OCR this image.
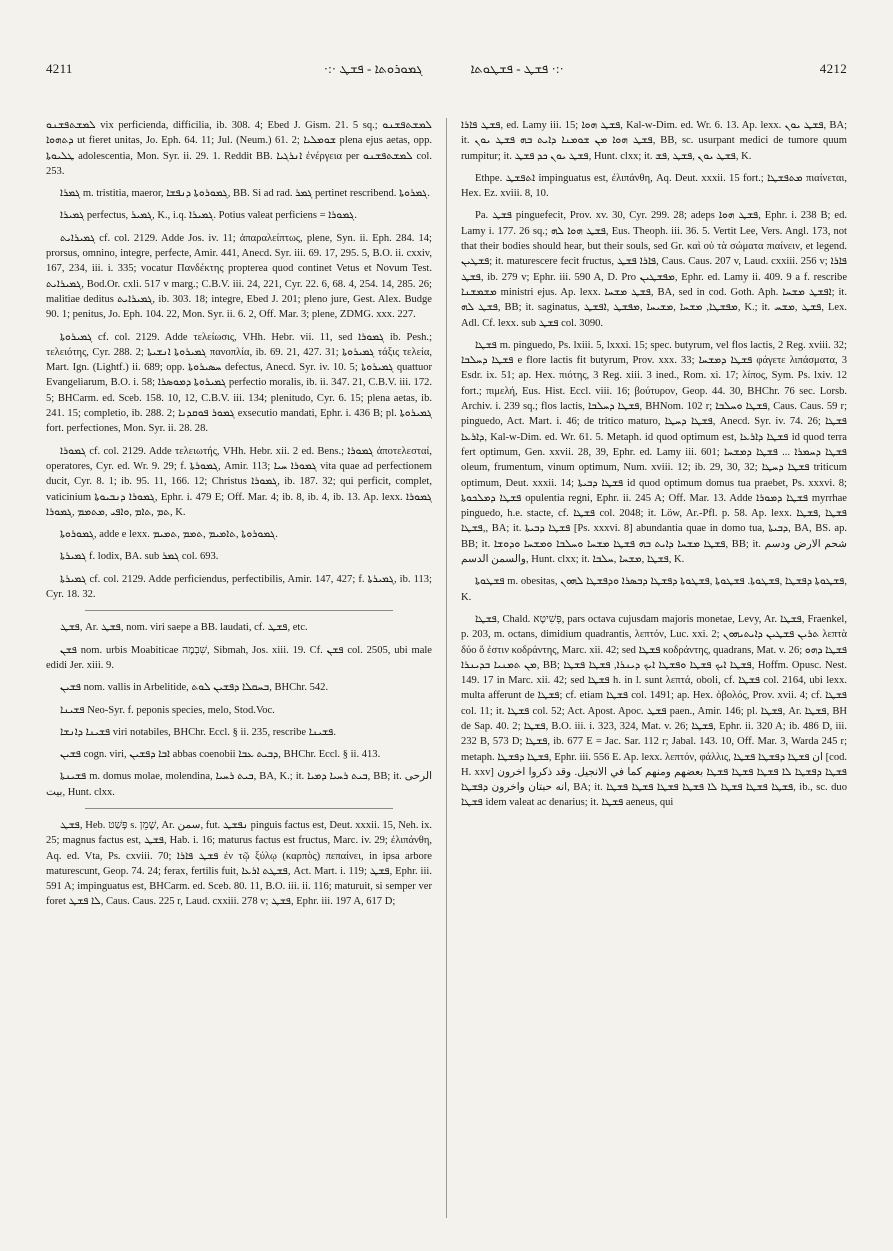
4211	ܓܡܘܪܘܬܐ - ܦܫܛ ·:·	·:· ܦܫܛ - ܦܫܛܘܬܐ	4212

ܠܡܫܬܦܫܢܘ vix perficienda, difficilia, ib. 308. 4; Ebed J. Gism. 21. 5 sq.; ܠܡܫܬܦܫܢܘ ܕܬܗܘܐ ut fieret unitas, Jo. Eph. 64. 11; Jul. (Neum.) 61. 2; ܫܘܡܠܝܐ plena ejus aetas, opp. ܛܠܝܘܬܐ adolescentia, Mon. Syr. ii. 29. 1. Reddit BB. ܐܢܪܓܝܐ ἐνέργεια per ܠܡܫܬܦܫܢܘ col. 253.

ܓܡܪܐ m. tristitia, maeror, ܓܡܘܪܘܬܐ ܕܢܦܫܐ, BB. Si ad rad. ܓܡܪ pertinet rescribend. ܓܡܪܘܬܐ.

ܓܡܝܪܐ perfectus, ܓܡܝܪ, K., i.q. ܓܡܝܪܐ. Potius valeat perficiens = ܓܡܘܪܐ.

ܓܡܝܪܐܝܬ cf. col. 2129. Adde Jos. iv. 11; ἀπαραλείπτως, plene, Syn. ii. Eph. 284. 14; prorsus, omnino, integre, perfecte, Amir. 441, Anecd. Syr. iii. 69. 17, 295. 5, B.O. ii. cxxiv, 167, 234, iii. i. 335; vocatur Πανδέκτης propterea quod continet Vetus et Novum Test. ܓܡܝܪܐܝܬ, Bod.Or. cxli. 517 v marg.; C.B.V. iii. 24, 221, Cyr. 22. 6, 68. 4, 254. 14, 285. 26; malitiae deditus ܓܡܝܪܐܝܬ, ib. 303. 18; integre, Ebed J. 201; pleno jure, Gest. Alex. Budge 90. 1; penitus, Jo. Eph. 104. 22, Mon. Syr. ii. 6. 2, Off. Mar. 3; plene, ZDMG. xxx. 227.

ܓܡܝܪܘܬܐ cf. col. 2129. Adde τελείωσις, VHh. Hebr. vii. 11, sed ܓܡܘܪܐ ib. Pesh.; τελειότης, Cyr. 288. 2; ܓܡܝܪܘܬܐ ܐܢܫܝܬܐ πανοπλία, ib. 69. 21, 427. 31; ܓܡܝܪܘܬܐ τάξις τελεία, Mart. Ign. (Lightf.) ii. 689; opp. ܚܣܝܪܘܬܐ defectus, Anecd. Syr. iv. 10. 5; ܓܡܝܪܘܬܐ quattuor Evangeliarum, B.O. i. 58; ܓܡܝܪܘܬܐ ܕܡܘܣܪܐ perfectio moralis, ib. ii. 347. 21, C.B.V. iii. 172. 5; BHCarm. ed. Sceb. 158. 10, 12, C.B.V. iii. 134; plenitudo, Cyr. 6. 15; plena aetas, ib. 241. 15; completio, ib. 288. 2; ܓܡܘܪ ܦܘܩܕܢܐ exsecutio mandati, Ephr. i. 436 B; pl. ܓܡܝܪܘܬܐ fort. perfectiones, Mon. Syr. ii. 28. 28.

ܓܡܘܪܐ cf. col. 2129. Adde τελειωτής, VHh. Hebr. xii. 2 ed. Bens.; ܓܡܘܪܐ ἀποτελεσταί, operatores, Cyr. ed. Wr. 9. 29; f. ܓܡܘܪܬܐ, Amir. 113; ܓܡܘܪܐ ܚܝܐ vita quae ad perfectionem ducit, Cyr. 8. 1; ib. 95. 11, 166. 12; Christus ܓܡܘܪܐ, ib. 187. 32; qui perficit, complet, vaticinium ܓܡܘܪܐ ܕܢܒܝܘܬܐ, Ephr. i. 479 E; Off. Mar. 4; ib. 8, ib. 4, ib. 13. Ap. lexx. ܓܡܘܪܐ ,ܬܡ ,ܬܐܡ ,ܘܐܦܝ ,ܡܬܡܡ ,ܓܡܘܪܐ K.

ܓܡܘܪܘܬܐ, adde e lexx. ܓܡܘܪܘܬܐ ,ܬܐܡܝܡ ,ܬܡܡ ,ܬܡܝܡ.

ܓܡܝܪܬܐ f. lodix, BA. sub ܓܡܪ col. 693.

ܓܡܝܪܬܐ cf. col. 2129. Adde perficiendus, perfectibilis, Amir. 147, 427; f. ܓܡܝܪܬܐ, ib. 113; Cyr. 18. 32.

ܦܫܛ, Ar. ܦܫܛ, nom. viri saepe a BB. laudati, cf. ܦܫܛ, etc.

ܦܫܢ nom. urbis Moabiticae שִׁבְמָה, Sibmah, Jos. xiii. 19. Cf. ܦܫܢ col. 2505, ubi male edidi Jer. xiii. 9.

ܦܫܝܢ nom. vallis in Arbelitide, ܒܚܩܠܐ ܕܦܫܝܢ ܠܘܬ, BHChr. 542.

ܦܫܝܢܐ Neo-Syr. f. peponis species, melo, Stod.Voc.

ܦܫܝܢܐ ܕܐܢܫܐ viri notabiles, BHChr. Eccl. § ii. 235, rescribe ܦܫܝܢܐ.

ܦܫܝܢ cogn. viri, ܐܒܐ ܕܦܫܝܢ abbas coenobii ܕܒܝܬ ܥܒܐ, BHChr. Eccl. § ii. 413.

ܦܫܝܢܬܐ m. domus molae, molendina, ܒܝܬ ܪܚܝܐ, BA, K.; it. ܒܝܬ ܪܚܝܐ ܕܡܝܐ, BB; it. الرحى بيت, Hunt. clxx.

ܦܫܛ, Heb. פָּשַׁט s. שָׁמֵן, Ar. سمن, fut. ܢܦܫܛ pinguis factus est, Deut. xxxii. 15, Neh. ix. 25; magnus factus est, ܦܫܛ, Hab. i. 16; maturus factus est fructus, Marc. iv. 29; ἐλιπάνθη, Aq. ed. Vta, Ps. cxviii. 70; ܦܫܛ ܦܐܪܐ ἐν τῷ ξύλῳ (καρπὸς) πεπαίνει, in ipsa arbore maturescunt, Geop. 74. 24; ferax, fertilis fuit, ܦܫܛܬ ܐܪܥܐ, Act. Mart. i. 119; ܦܫܛ, Ephr. iii. 591 A; impinguatus est, BHCarm. ed. Sceb. 80. 11, B.O. iii. ii. 116; maturuit, si semper ver foret ܠܐ ܦܫܛ, Caus. Caus. 225 r, Laud. cxxiii. 278 v; ܦܫܛ, Ephr. iii. 197 A, 617 D;

ܦܫܛ ܦܐܪܐ, ed. Lamy iii. 15; ܦܫܛ ܗܘܐ, Kal-w-Dim. ed. Wr. 6. 13. Ap. lexx. ܦܫܛ ܝܘܢ, BA; it. ܦܫܛ ܗܘܐ ܡܢ ܫܘܡܢܐ ܕܐܝܬ ܒܗ ܦܫܛ ܝܘܢ, BB, sc. usurpant medici de tumore quum rumpitur; it. ܦܫܛ ܝܘܢ ܟܕ ܦܫܛ, Hunt. clxx; it. ܦܫܛ ܝܘܢ ,ܦܫܛ ,ܦܫ, K.

Ethpe. ܐܬܦܫܛ impinguatus est, ἐλιπάνθη, Aq. Deut. xxxii. 15 fort.; ܡܬܦܫܛܐ πιαίνεται, Hex. Ez. xviii. 8, 10.

Pa. ܦܫܛ pinguefecit, Prov. xv. 30, Cyr. 299. 28; adeps ܦܫܛ ܗܘܐ, Ephr. i. 238 B; ed. Lamy i. 177. 26 sq.; ܦܫܛ ܗܘܐ ܠܗ, Eus. Theoph. iii. 36. 5. Vertit Lee, Vers. Angl. 173, not that their bodies should hear, but their souls, sed Gr. καὶ οὐ τὰ σώματα πιαίνειν, et legend. ܦܫܛܝܢ; it. maturescere fecit fructus, ܦܐܪܐ ܦܫܛ, Caus. Caus. 207 v, Laud. cxxiii. 256 v; ܦܐܪܐ ܦܫܛ, ib. 279 v; Ephr. iii. 590 A, D. Pro ܡܦܫܛܝܢ, Ephr. ed. Lamy ii. 409. 9 a f. rescribe ܡܫܡܫܢܐ ministri ejus. Ap. lexx. ܦܫܛ ܡܫܚܐ, BA, sed in cod. Goth. Aph. ܐܦܫܛ ܡܫܚܐ; it. ܦܫܛ ܠܗ, BB; it. saginatus, ܡܦܫܛܐ, ܡܫܚܐ ,ܡܫܝܚܐ ,ܡܦܫܛ ,ܐܦܫܛ, K.; it. ܦܫܛ ,ܡܫܚ, Lex. Adl. Cf. lexx. sub ܦܫܛ col. 3090.

ܦܫܛܐ m. pinguedo, Ps. lxiii. 5, lxxxi. 15; spec. butyrum, vel flos lactis, 2 Reg. xviii. 32; ܦܫܛܐ ܕܚܠܒܐ e flore lactis fit butyrum, Prov. xxx. 33; ܦܫܛܐ ܕܡܫܚܐ φάγετε λιπάσματα, 3 Esdr. ix. 51; ap. Hex. πιότης, 3 Reg. xiii. 3 ined., Rom. xi. 17; λίπος, Sym. Ps. lxiv. 12 fort.; πιμελή, Eus. Hist. Eccl. viii. 16; βούτυρον, Geop. 44. 30, BHChr. 76 sec. Lorsb. Archiv. i. 239 sq.; flos lactis, ܦܫܛܐ ܕܚܠܒܐ, BHNom. 102 r; ܦܫܛܐ ܘܚܠܒܐ, Caus. Caus. 59 r; pinguedo, Act. Mart. i. 46; de tritico maturo, ܦܫܛܐ ܕܚܛܐ, Anecd. Syr. iv. 74. 26; ܦܫܛܐ ܕܐܪܥܐ, Kal-w-Dim. ed. Wr. 61. 5. Metaph. id quod optimum est, ܦܫܛܐ ܕܐܪܥܐ id quod terra fert optimum, Gen. xxvii. 28, 39, Ephr. ed. Lamy iii. 601; ܦܫܛܐ ܕܚܡܪܐ ... ܦܫܛܐ ܕܡܫܚܐ oleum, frumentum, vinum optimum, Num. xviii. 12; ib. 29, 30, 32; ܦܫܛܐ ܕܚܛܐ triticum optimum, Deut. xxxii. 14; ܦܫܛܐ ܕܒܝܬܐ id quod optimum domus tua praebet, Ps. xxxvi. 8; ܦܫܛܐ ܕܡܠܟܘܬܐ opulentia regni, Ephr. ii. 245 A; Off. Mar. 13. Adde ܦܫܛܐ ܕܡܘܪܐ myrrhae pinguedo, h.e. stacte, cf. ܦܫܛܐ col. 2048; it. Löw, Ar.-Pfl. p. 58. Ap. lexx. ܦܫܛܐ ,ܦܫܛܐ ,ܦܫܛܐ, BA; it. ܦܫܛܐ ܕܒܝܬܐ [Ps. xxxvi. 8] abundantia quae in domo tua, ܕܒܝܬܐ, BA, BS. ap. BB; it. ܦܫܛܐ ܡܫܚܐ ܕܐܝܬ ܒܗ ܦܫܛܐ ܡܫܚܐ ܘܚܠܒܐ ܘܡܫܚܐ ܘܕܘܫܐ, BB; it. شحم الارض ودسم والسمن الدسم, Hunt. clxx; it. ܦܫܛܐ ,ܡܫܚܐ ,ܚܠܒܐ, K.

ܦܫܛܘܬܐ m. obesitas, ܦܫܛܘܬܐ ܕܦܫܛܐ ,ܦܫܛܘܬܐ. ܦܫܛܘܬܐ ,ܦܫܛܘܬܐ ܕܦܫܛܐ ܕܒܣܪܐ ܘܕܦܫܛܐ ܠܗܘܢ, K.

ܦܫܛܐ, Chald. פְּשִׁיטָא, pars octava cujusdam majoris monetae, Levy, Ar. ܦܫܛܐ, Fraenkel, p. 203, m. octans, dimidium quadrantis, λεπτόν, Luc. xxi. 2; ܬܪܝܢ ܦܫܛܝܢ ܕܐܝܬܝܗܘܢ λεπτὰ δύο ὅ ἐστιν κοδράντης, Marc. xii. 42; sed ܦܫܛܐ κοδράντης, quadrans, Mat. v. 26; ܦܫܛܐ ܕܗܘ ܡܢ ܬܡܢܝܐ ܒܕܝܢܪܐ, BB; ܦܫܛܐ ܐܝܟ ܦܫܛܐ ܘܦܫܛܐ ܐܝܟ ܕܝܢܪܐ, ܦܫܛܐ ܦܫܛܐ, Hoffm. Opusc. Nest. 149. 17 in Marc. xii. 42; sed ܦܫܛܐ h. in l. sunt λεπτά, oboli, cf. ܦܫܛܐ col. 2164, ubi lexx. multa afferunt de ܦܫܛܐ; cf. etiam ܦܫܛܐ col. 1491; ap. Hex. ὀβολός, Prov. xvii. 4; cf. ܦܫܛܐ col. 11; it. ܦܫܛܐ col. 52; Act. Apost. Apoc. ܦܫܛ paen., Amir. 146; pl. ܦܫܛܐ, Ar. ܦܫܛܐ, BH de Sap. 40. 2; ܦܫܛܐ, B.O. iii. i. 323, 324, Mat. v. 26; ܦܫܛܐ, Ephr. ii. 320 A; ib. 486 D, iii. 232 B, 573 D; ܦܫܛܐ, ib. 677 E = Jac. Sar. 112 r; Jabal. 143. 10, Off. Mar. 3, Warda 245 r; metaph. ܦܫܛܐ ܕܦܫܛܐ, Ephr. iii. 556 E. Ap. lexx. λεπτόν, φάλλις, ان ܦܫܛܐ ܕܦܫܛܐ ܦܫܛܐ [cod. H. xxv] ܦܫܛܐ ܕܦܫܛܐ ܠܐ ܦܫܛܐ ܦܫܛܐ ܦܫܛܐ بعضهم ومنهم كما في الانجيل. وقد ذكروا اخرون انه حبتان واخرون ܕܦܫܛܐ, BA; it. ܦܫܛܐ ܦܫܛܐ ܦܫܛܐ ܠܐ ܦܫܛܐ ܦܫܛܐ ܦܫܛܐ ܦܫܛܐ, ib., sc. duo ܦܫܛܐ idem valeat ac denarius; it. ܦܫܛܐ aeneus, qui
